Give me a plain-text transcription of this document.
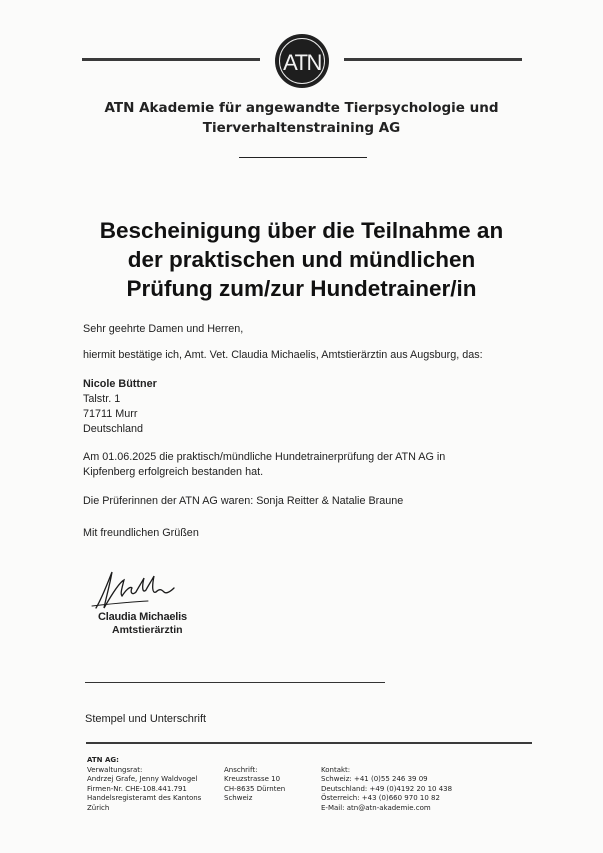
ATN
ATN Akademie für angewandte Tierpsychologie und
Tierverhaltenstraining AG
Bescheinigung über die Teilnahme an
der praktischen und mündlichen
Prüfung zum/zur Hundetrainer/in
Sehr geehrte Damen und Herren,
hiermit bestätige ich, Amt. Vet. Claudia Michaelis, Amtstierärztin aus Augsburg, das:
Nicole Büttner
Talstr. 1
71711 Murr
Deutschland
Am 01.06.2025 die praktisch/mündliche Hundetrainerprüfung der ATN AG in
Kipfenberg erfolgreich bestanden hat.
Die Prüferinnen der ATN AG waren: Sonja Reitter & Natalie Braune
Mit freundlichen Grüßen
Claudia Michaelis
Amtstierärztin
Stempel und Unterschrift
ATN AG:
Verwaltungsrat:
Andrzej Grafe, Jenny Waldvogel
Firmen-Nr. CHE-108.441.791
Handelsregisteramt des Kantons
Zürich
Anschrift:
Kreuzstrasse 10
CH-8635 Dürnten
Schweiz
Kontakt:
Schweiz: +41 (0)55 246 39 09
Deutschland: +49 (0)4192 20 10 438
Österreich: +43 (0)660 970 10 82
E-Mail: atn@atn-akademie.com
